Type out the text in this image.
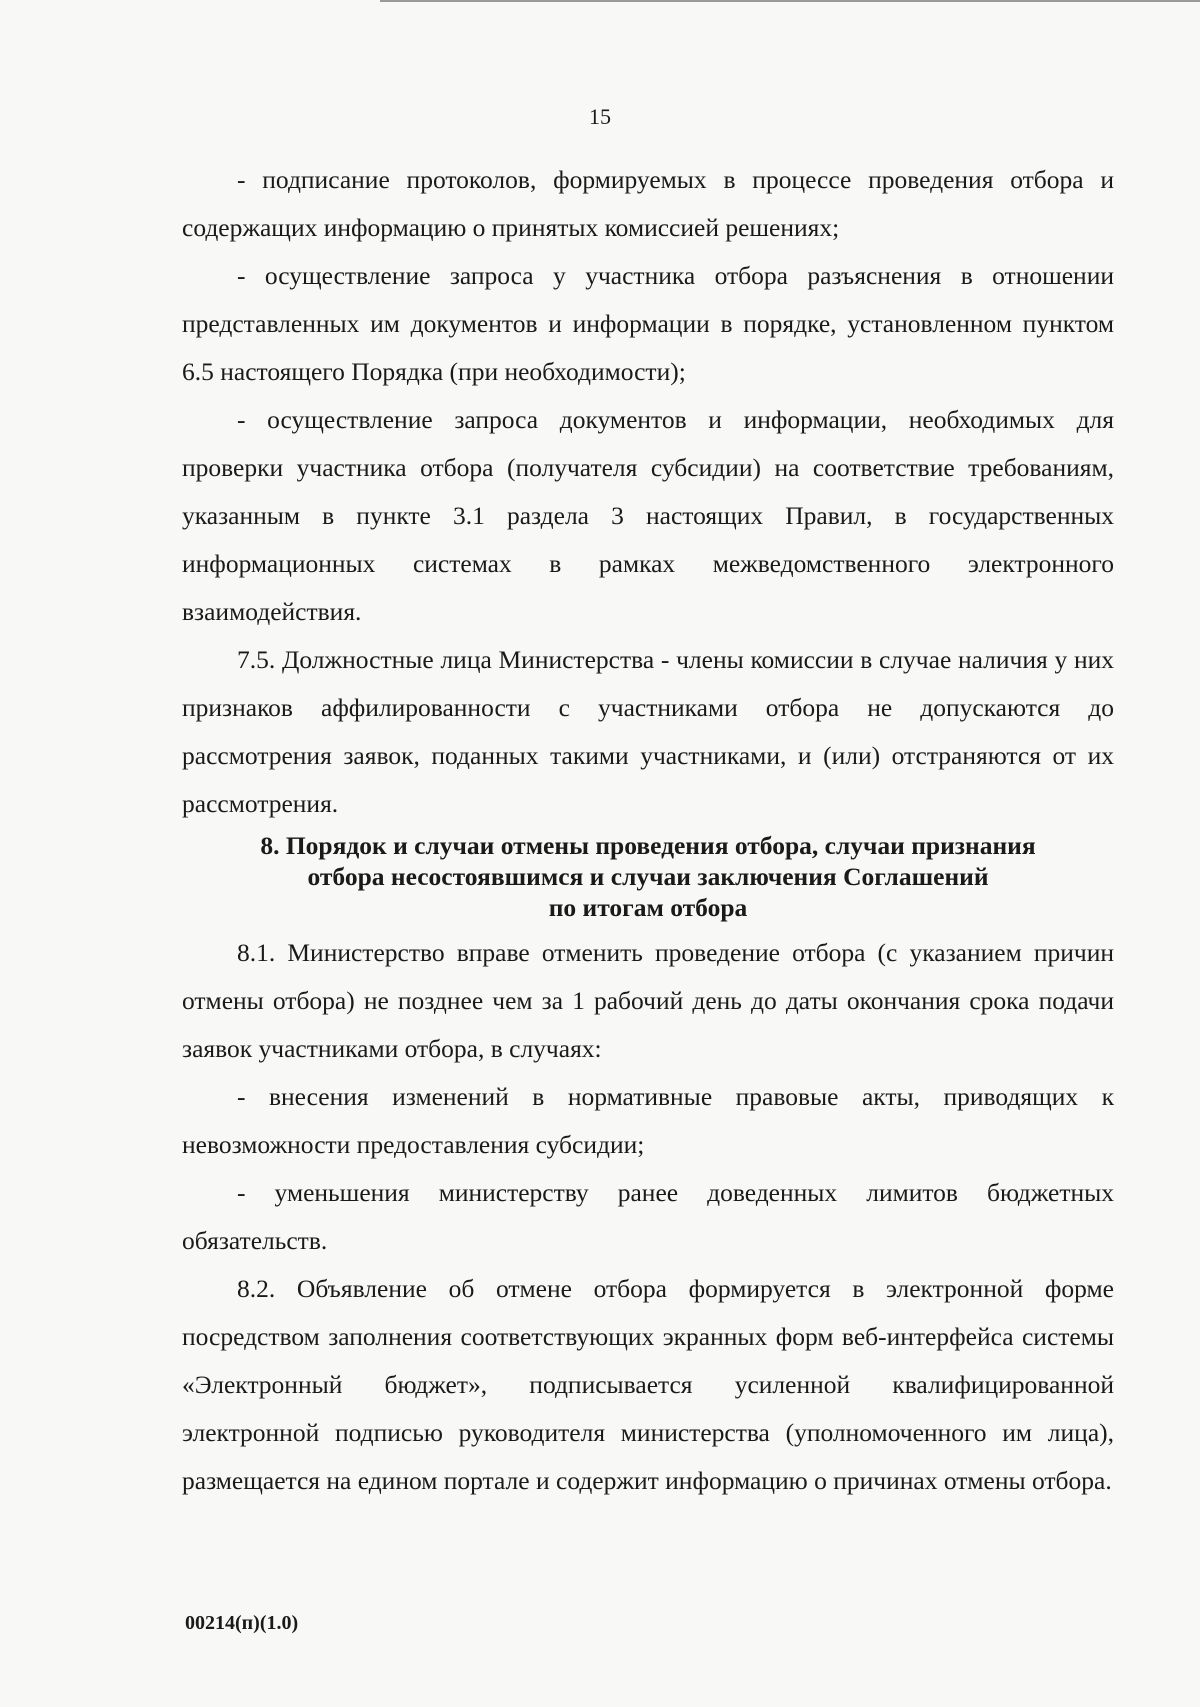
15

- подписание протоколов, формируемых в процессе проведения отбора и содержащих информацию о принятых комиссией решениях;

- осуществление запроса у участника отбора разъяснения в отношении представленных им документов и информации в порядке, установленном пунктом 6.5 настоящего Порядка (при необходимости);

- осуществление запроса документов и информации, необходимых для проверки участника отбора (получателя субсидии) на соответствие требованиям, указанным в пункте 3.1 раздела 3 настоящих Правил, в государственных информационных системах в рамках межведомственного электронного взаимодействия.

7.5. Должностные лица Министерства - члены комиссии в случае наличия у них признаков аффилированности с участниками отбора не допускаются до рассмотрения заявок, поданных такими участниками, и (или) отстраняются от их рассмотрения.

8. Порядок и случаи отмены проведения отбора, случаи признания
отбора несостоявшимся и случаи заключения Соглашений
по итогам отбора

8.1. Министерство вправе отменить проведение отбора (с указанием причин отмены отбора) не позднее чем за 1 рабочий день до даты окончания срока подачи заявок участниками отбора, в случаях:

- внесения изменений в нормативные правовые акты, приводящих к невозможности предоставления субсидии;

- уменьшения министерству ранее доведенных лимитов бюджетных обязательств.

8.2. Объявление об отмене отбора формируется в электронной форме посредством заполнения соответствующих экранных форм веб-интерфейса системы «Электронный бюджет», подписывается усиленной квалифицированной электронной подписью руководителя министерства (уполномоченного им лица), размещается на едином портале и содержит информацию о причинах отмены отбора.

00214(п)(1.0)
